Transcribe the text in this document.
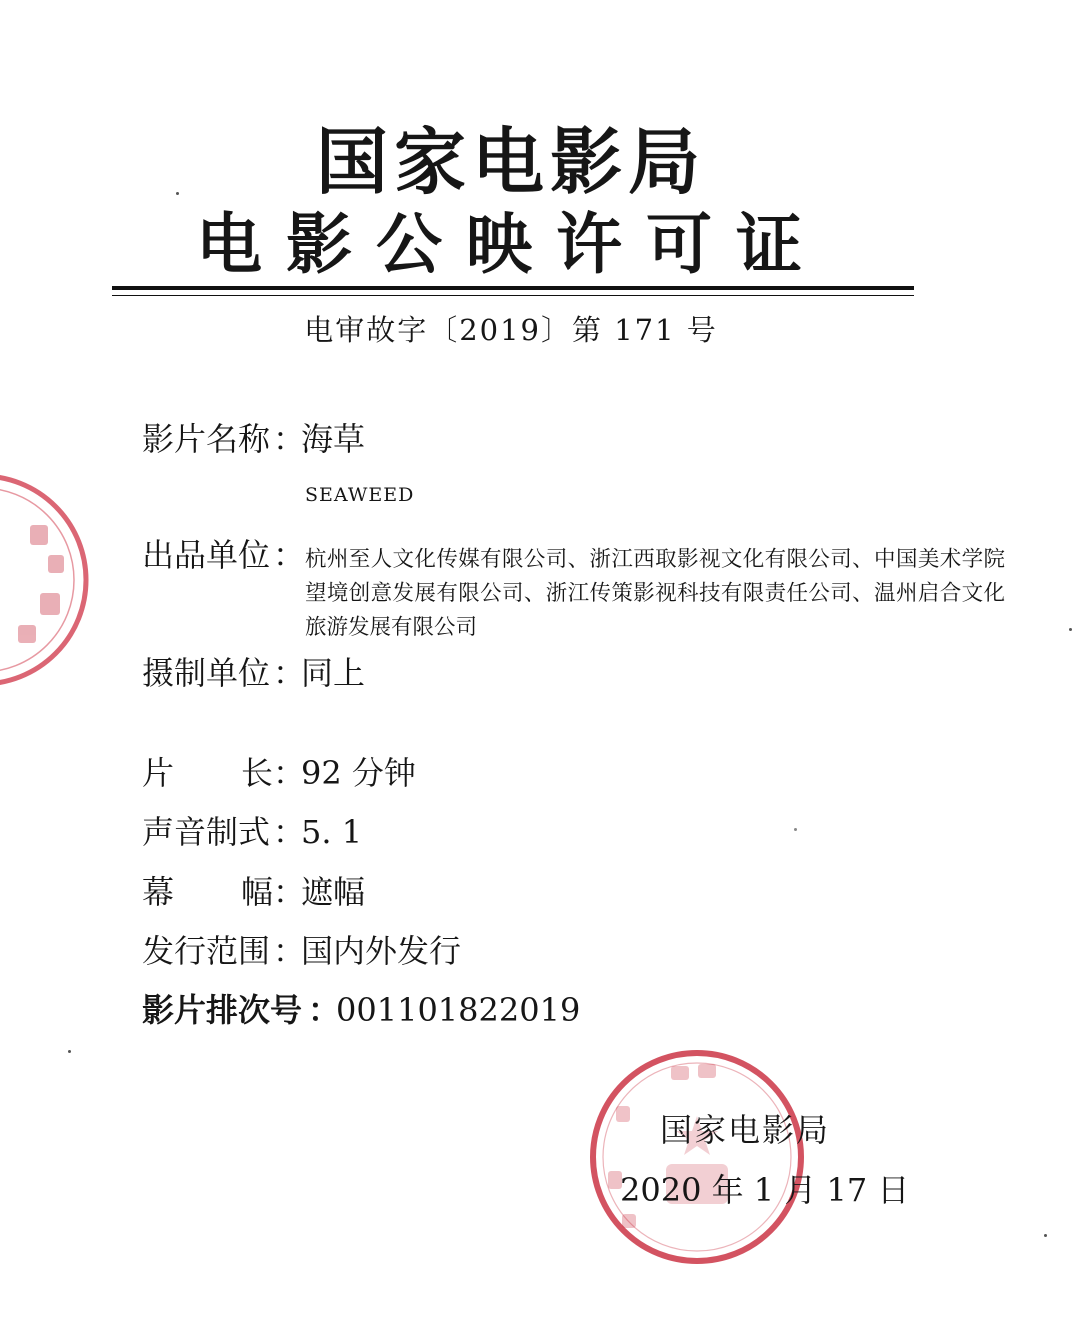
国家电影局
电影公映许可证
电审故字〔2019〕第 171 号
影片名称：海草
SEAWEED
出品单位： 杭州至人文化传媒有限公司、浙江西取影视文化有限公司、中国美术学院望境创意发展有限公司、浙江传策影视科技有限责任公司、温州启合文化旅游发展有限公司
摄制单位：同上
片 长 ：92 分钟
声音制式：5. 1
幕 幅 ：遮幅
发行范围：国内外发行
影片排次号 ：001101822019
国家电影局
2020 年 1 月 17 日
